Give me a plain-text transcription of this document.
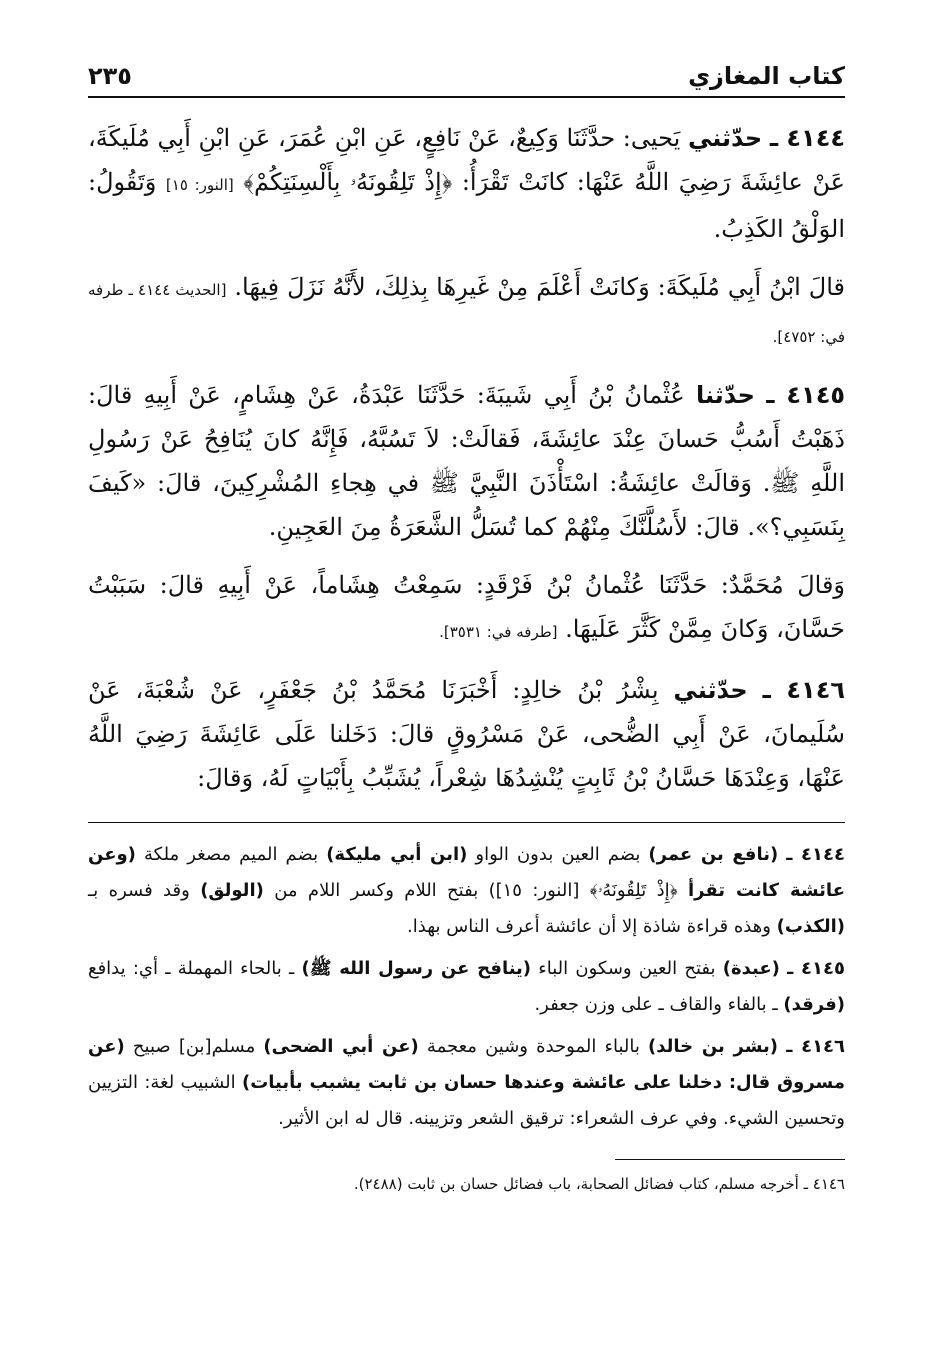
كتاب المغازي
٢٣٥

٤١٤٤ ـ حدّثني يَحيى: حدَّثَنَا وَكِيعٌ، عَنْ نَافِعٍ، عَنِ ابْنِ عُمَرَ، عَنِ ابْنِ أَبِي مُلَيكَةَ، عَنْ عائِشَةَ رَضِيَ اللَّهُ عَنْهَا: كانَتْ تَقْرَأُ: ﴿إِذْ تَلِقُونَهُۥ بِأَلْسِنَتِكُمْ﴾ [النور: ١٥] وَتَقُولُ: الوَلْقُ الكَذِبُ.

قالَ ابْنُ أَبِي مُلَيكَةَ: وَكانَتْ أَعْلَمَ مِنْ غَيرِهَا بِذلِكَ، لأَنَّهُ نَزَلَ فِيهَا. [الحديث ٤١٤٤ ـ طرفه في: ٤٧٥٢].

٤١٤٥ ـ حدّثنا عُثْمانُ بْنُ أَبِي شَيبَةَ: حَدَّثَنَا عَبْدَةُ، عَنْ هِشَامٍ، عَنْ أَبِيهِ قالَ: ذَهَبْتُ أَسُبُّ حَسانَ عِنْدَ عائِشَةَ، فَقالَتْ: لاَ تَسُبَّهُ، فَإِنَّهُ كانَ يُنَافِحُ عَنْ رَسُولِ اللَّهِ ﷺ. وَقالَتْ عائِشَةُ: اسْتَأْذَنَ النَّبِيَّ ﷺ في هِجاءِ المُشْرِكِينَ، قالَ: «كَيفَ بِنَسَبِي؟». قالَ: لأَسُلَّنَّكَ مِنْهُمْ كما تُسَلُّ الشَّعَرَةُ مِنَ العَجِينِ.

وَقالَ مُحَمَّدٌ: حَدَّثَنَا عُثْمانُ بْنُ فَرْقَدٍ: سَمِعْتُ هِشَاماً، عَنْ أَبِيهِ قالَ: سَبَبْتُ حَسَّانَ، وَكانَ مِمَّنْ كَثَّرَ عَلَيهَا. [طرفه في: ٣٥٣١].

٤١٤٦ ـ حدّثني بِشْرُ بْنُ خالِدٍ: أَخْبَرَنَا مُحَمَّدُ بْنُ جَعْفَرٍ، عَنْ شُعْبَةَ، عَنْ سُلَيمانَ، عَنْ أَبِي الضُّحى، عَنْ مَسْرُوقٍ قالَ: دَخَلنا عَلَى عَائِشَةَ رَضِيَ اللَّهُ عَنْهَا، وَعِنْدَهَا حَسَّانُ بْنُ ثَابِتٍ يُنْشِدُهَا شِعْراً، يُشَبِّبُ بِأَبْيَاتٍ لَهُ، وَقالَ:

٤١٤٤ ـ (نافع بن عمر) بضم العين بدون الواو (ابن أبي مليكة) بضم الميم مصغر ملكة (وعن عائشة كانت تقرأ ﴿إِذْ تَلِقُونَهُۥ﴾ [النور: ١٥]) بفتح اللام وكسر اللام من (الولق) وقد فسره بـ (الكذب) وهذه قراءة شاذة إلا أن عائشة أعرف الناس بهذا.

٤١٤٥ ـ (عبدة) بفتح العين وسكون الباء (ينافح عن رسول الله ﷺ) ـ بالحاء المهملة ـ أي: يدافع (فرقد) ـ بالفاء والقاف ـ على وزن جعفر.

٤١٤٦ ـ (بشر بن خالد) بالباء الموحدة وشين معجمة (عن أبي الضحى) مسلم[بن] صبيح (عن مسروق قال: دخلنا على عائشة وعندها حسان بن ثابت يشبب بأبيات) الشبيب لغة: التزيين وتحسين الشيء. وفي عرف الشعراء: ترقيق الشعر وتزيينه. قال له ابن الأثير.

٤١٤٦ ـ أخرجه مسلم، كتاب فضائل الصحابة، باب فضائل حسان بن ثابت (٢٤٨٨).
